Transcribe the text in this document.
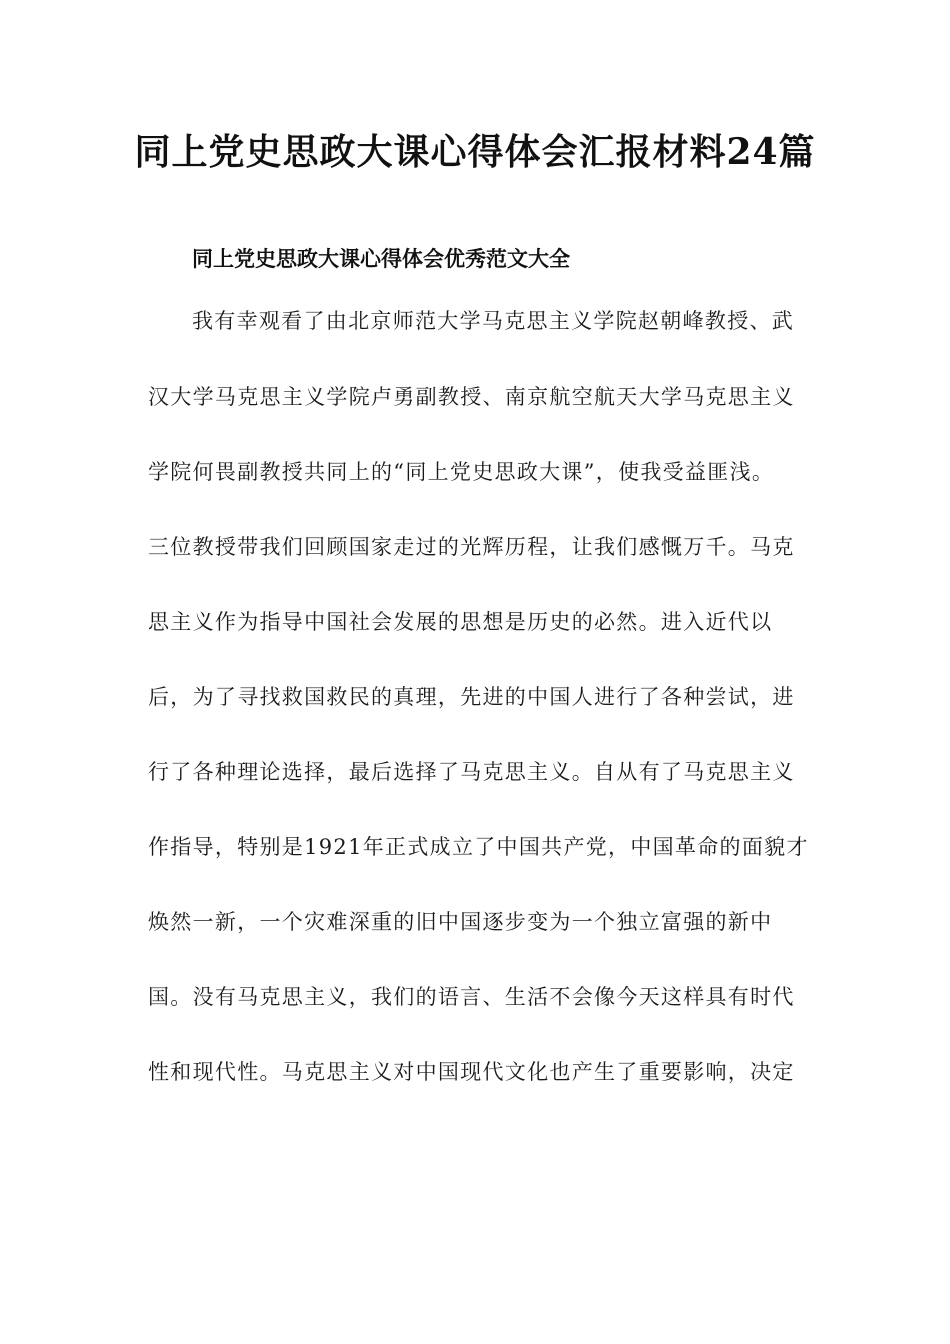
同上党史思政大课心得体会汇报材料24篇
同上党史思政大课心得体会优秀范文大全

我有幸观看了由北京师范大学马克思主义学院赵朝峰教授、武

汉大学马克思主义学院卢勇副教授、南京航空航天大学马克思主义

学院何畏副教授共同上的“同上党史思政大课”，使我受益匪浅。

三位教授带我们回顾国家走过的光辉历程，让我们感慨万千。马克

思主义作为指导中国社会发展的思想是历史的必然。进入近代以

后，为了寻找救国救民的真理，先进的中国人进行了各种尝试，进

行了各种理论选择，最后选择了马克思主义。自从有了马克思主义

作指导，特别是1921年正式成立了中国共产党，中国革命的面貌才

焕然一新，一个灾难深重的旧中国逐步变为一个独立富强的新中

国。没有马克思主义，我们的语言、生活不会像今天这样具有时代

性和现代性。马克思主义对中国现代文化也产生了重要影响，决定
